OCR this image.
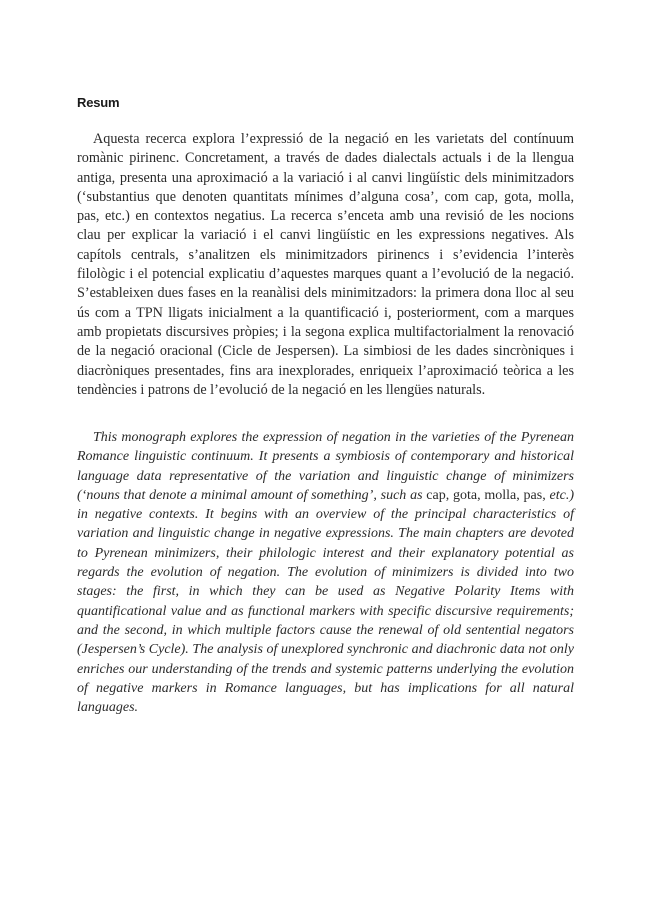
Resum

Aquesta recerca explora l’expressió de la negació en les varietats del contínuum romànic pirinenc. Concretament, a través de dades dialectals actuals i de la llengua antiga, presenta una aproximació a la variació i al canvi lingüístic dels minimitzadors (‘substantius que denoten quantitats mínimes d’alguna cosa’, com cap, gota, molla, pas, etc.) en contextos negatius. La recerca s’enceta amb una revisió de les nocions clau per explicar la variació i el canvi lingüístic en les expressions negatives. Als capítols centrals, s’analitzen els minimitzadors pirinencs i s’evidencia l’interès filològic i el potencial explicatiu d’aquestes marques quant a l’evolució de la negació. S’estableixen dues fases en la reanàlisi dels minimitzadors: la primera dona lloc al seu ús com a TPN lligats inicialment a la quantificació i, posteriorment, com a marques amb propietats discursives pròpies; i la segona explica multifactorialment la renovació de la negació oracional (Cicle de Jespersen). La simbiosi de les dades sincròniques i diacròniques presentades, fins ara inexplorades, enriqueix l’aproximació teòrica a les tendències i patrons de l’evolució de la negació en les llengües naturals.

This monograph explores the expression of negation in the varieties of the Pyrenean Romance linguistic continuum. It presents a symbiosis of contemporary and historical language data representative of the variation and linguistic change of minimizers (‘nouns that denote a minimal amount of something’, such as cap, gota, molla, pas, etc.) in negative contexts. It begins with an overview of the principal characteristics of variation and linguistic change in negative expressions. The main chapters are devoted to Pyrenean minimizers, their philologic interest and their explanatory potential as regards the evolution of negation. The evolution of minimizers is divided into two stages: the first, in which they can be used as Negative Polarity Items with quantificational value and as functional markers with specific discursive requirements; and the second, in which multiple factors cause the renewal of old sentential negators (Jespersen’s Cycle). The analysis of unexplored synchronic and diachronic data not only enriches our understanding of the trends and systemic patterns underlying the evolution of negative markers in Romance languages, but has implications for all natural languages.
